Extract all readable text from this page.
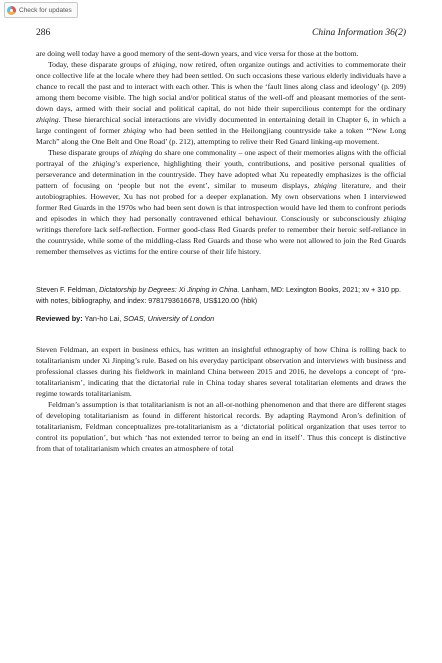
Check for updates
286	China Information 36(2)

are doing well today have a good memory of the sent-down years, and vice versa for those at the bottom.

Today, these disparate groups of zhiqing, now retired, often organize outings and activities to commemorate their once collective life at the locale where they had been settled. On such occasions these various elderly individuals have a chance to recall the past and to interact with each other. This is when the ‘fault lines along class and ideology’ (p. 209) among them become visible. The high social and/or political status of the well-off and pleasant memories of the sent-down days, armed with their social and political capital, do not hide their supercilious contempt for the ordinary zhiqing. These hierarchical social interactions are vividly documented in entertaining detail in Chapter 6, in which a large contingent of former zhiqing who had been settled in the Heilongjiang countryside take a token ‘“New Long March” along the One Belt and One Road’ (p. 212), attempting to relive their Red Guard linking-up movement.

These disparate groups of zhiqing do share one commonality – one aspect of their memories aligns with the official portrayal of the zhiqing’s experience, highlighting their youth, contributions, and positive personal qualities of perseverance and determination in the countryside. They have adopted what Xu repeatedly emphasizes is the official pattern of focusing on ‘people but not the event’, similar to museum displays, zhiqing literature, and their autobiographies. However, Xu has not probed for a deeper explanation. My own observations when I interviewed former Red Guards in the 1970s who had been sent down is that introspection would have led them to confront periods and episodes in which they had personally contravened ethical behaviour. Consciously or subconsciously zhiqing writings therefore lack self-reflection. Former good-class Red Guards prefer to remember their heroic self-reliance in the countryside, while some of the middling-class Red Guards and those who were not allowed to join the Red Guards remember themselves as victims for the entire course of their life history.

Steven F. Feldman, Dictatorship by Degrees: Xi Jinping in China. Lanham, MD: Lexington Books, 2021; xv + 310 pp. with notes, bibliography, and index: 9781793616678, US$120.00 (hbk)
Reviewed by: Yan-ho Lai, SOAS, University of London

Steven Feldman, an expert in business ethics, has written an insightful ethnography of how China is rolling back to totalitarianism under Xi Jinping’s rule. Based on his everyday participant observation and interviews with business and professional classes during his fieldwork in mainland China between 2015 and 2016, he develops a concept of ‘pre-totalitarianism’, indicating that the dictatorial rule in China today shares several totalitarian elements and draws the regime towards totalitarianism.

Feldman’s assumption is that totalitarianism is not an all-or-nothing phenomenon and that there are different stages of developing totalitarianism as found in different historical records. By adapting Raymond Aron’s definition of totalitarianism, Feldman conceptualizes pre-totalitarianism as a ‘dictatorial political organization that uses terror to control its population’, but which ‘has not extended terror to being an end in itself’. Thus this concept is distinctive from that of totalitarianism which creates an atmosphere of total
